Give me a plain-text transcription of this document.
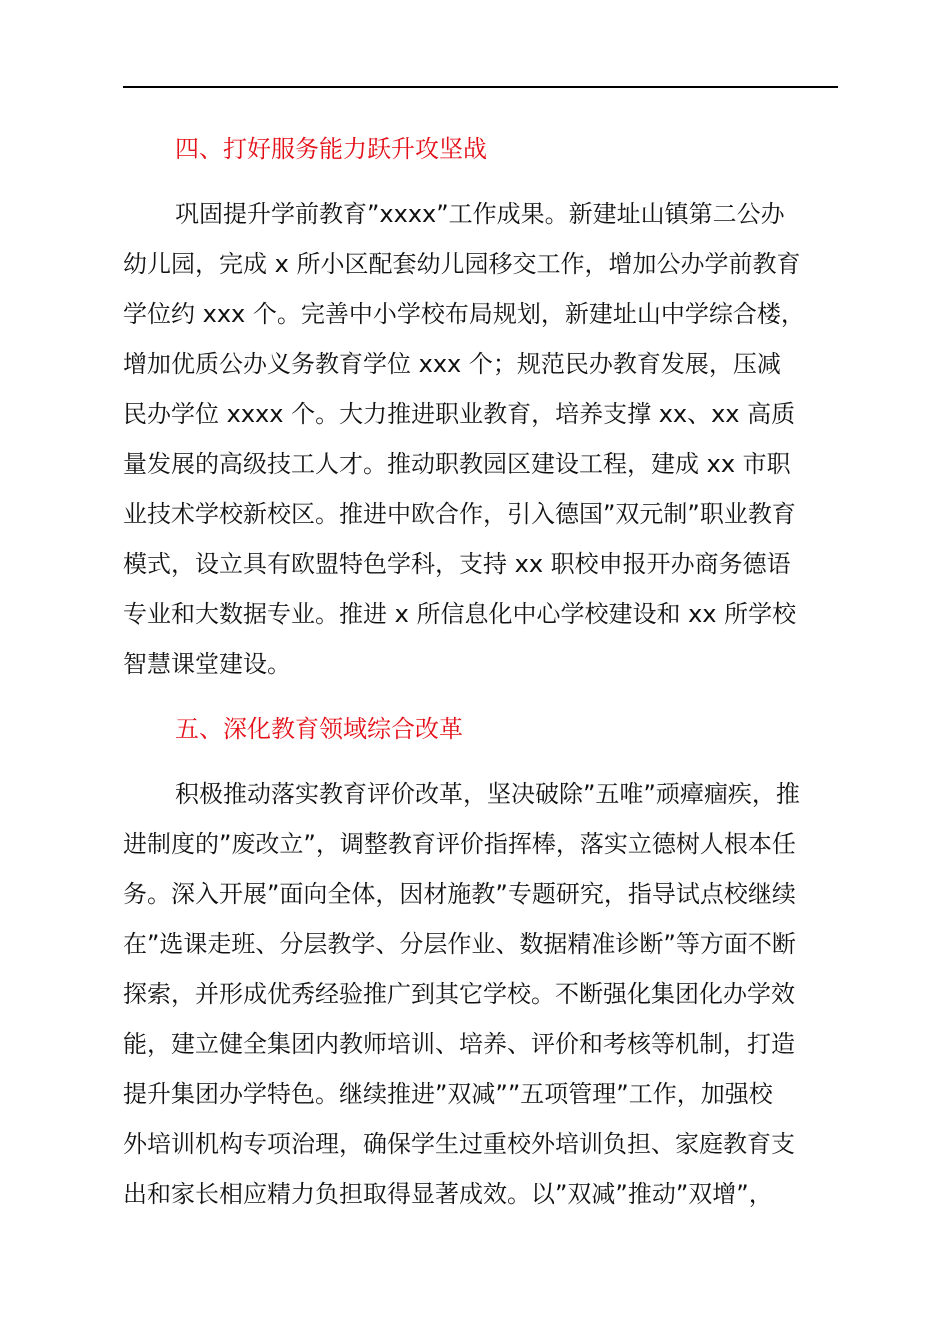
四、打好服务能力跃升攻坚战
巩固提升学前教育”xxxx”工作成果。新建址山镇第二公办
幼儿园，完成 x 所小区配套幼儿园移交工作，增加公办学前教育
学位约 xxx 个。完善中小学校布局规划，新建址山中学综合楼，
增加优质公办义务教育学位 xxx 个；规范民办教育发展，压减
民办学位 xxxx 个。大力推进职业教育，培养支撑 xx、xx 高质
量发展的高级技工人才。推动职教园区建设工程，建成 xx 市职
业技术学校新校区。推进中欧合作，引入德国”双元制”职业教育
模式，设立具有欧盟特色学科，支持 xx 职校申报开办商务德语
专业和大数据专业。推进 x 所信息化中心学校建设和 xx 所学校
智慧课堂建设。
五、深化教育领域综合改革
积极推动落实教育评价改革，坚决破除”五唯”顽瘴痼疾，推
进制度的”废改立”，调整教育评价指挥棒，落实立德树人根本任
务。深入开展”面向全体，因材施教”专题研究，指导试点校继续
在”选课走班、分层教学、分层作业、数据精准诊断”等方面不断
探索，并形成优秀经验推广到其它学校。不断强化集团化办学效
能，建立健全集团内教师培训、培养、评价和考核等机制，打造
提升集团办学特色。继续推进”双减””五项管理”工作，加强校
外培训机构专项治理，确保学生过重校外培训负担、家庭教育支
出和家长相应精力负担取得显著成效。以”双减”推动”双增”，
